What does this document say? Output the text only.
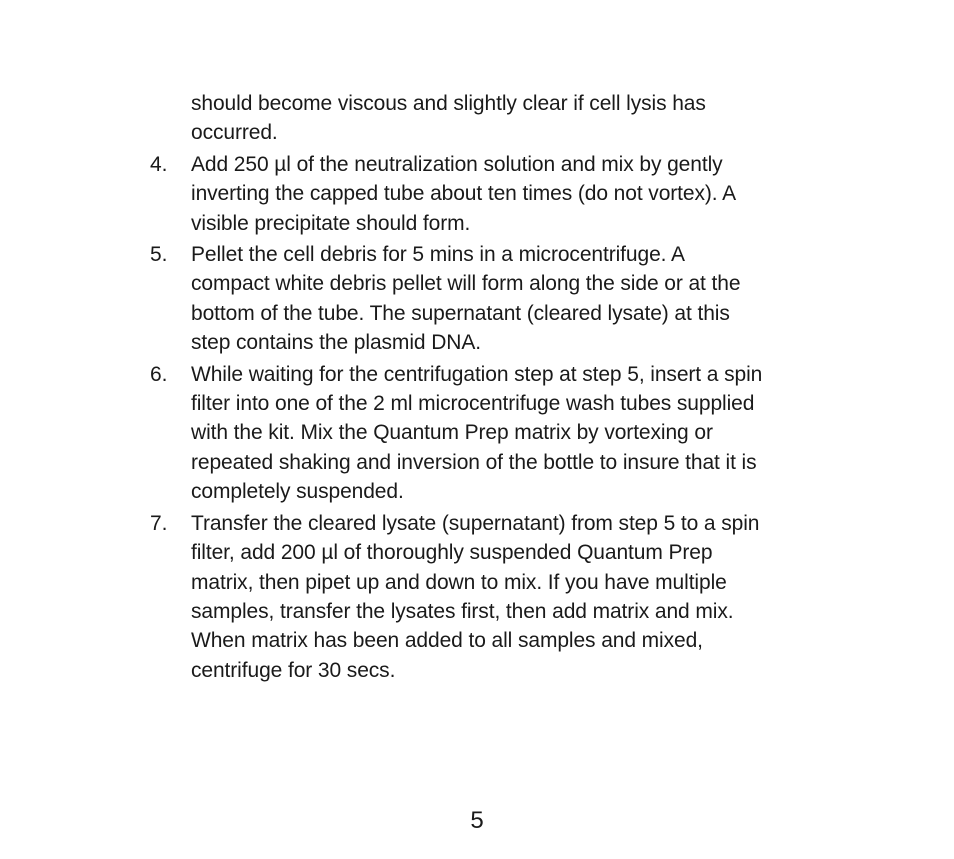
should become viscous and slightly clear if cell lysis has
occurred.
4.	Add 250 µl of the neutralization solution and mix by gently
inverting the capped tube about ten times (do not vortex). A
visible precipitate should form.
5.	Pellet the cell debris for 5 mins in a microcentrifuge. A
compact white debris pellet will form along the side or at the
bottom of the tube. The supernatant (cleared lysate) at this
step contains the plasmid DNA.
6.	While waiting for the centrifugation step at step 5, insert a spin
filter into one of the 2 ml microcentrifuge wash tubes supplied
with the kit. Mix the Quantum Prep matrix by vortexing or
repeated shaking and inversion of the bottle to insure that it is
completely suspended.
7.	Transfer the cleared lysate (supernatant) from step 5 to a spin
filter, add 200 µl of thoroughly suspended Quantum Prep
matrix, then pipet up and down to mix. If you have multiple
samples, transfer the lysates first, then add matrix and mix.
When matrix has been added to all samples and mixed,
centrifuge for 30 secs.
5
